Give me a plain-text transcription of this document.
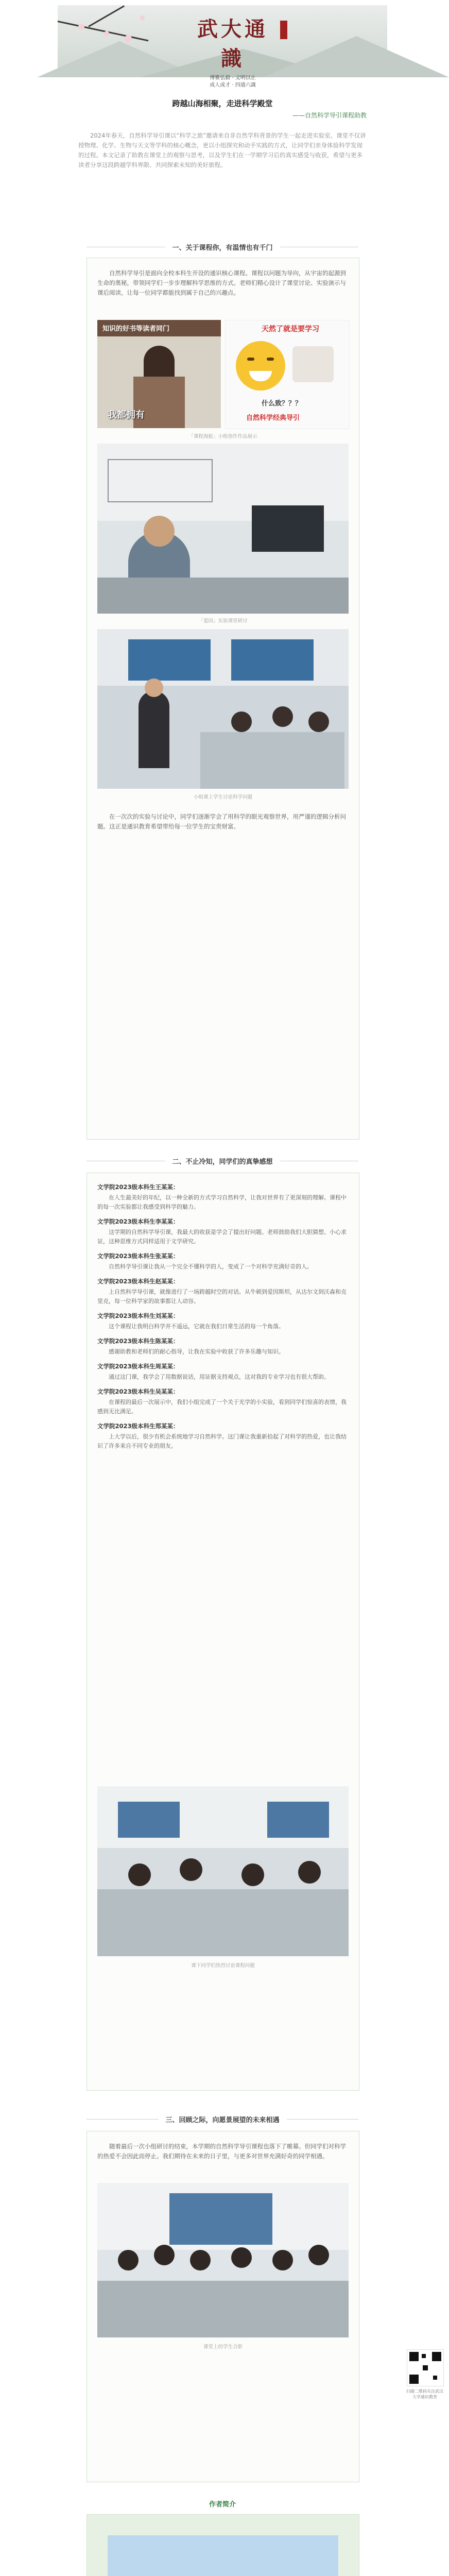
武大通識
博雅弘毅 · 文明以止
成人成才 · 四通六識
跨越山海相聚，走进科学殿堂
——自然科学导引课程助教

2024年春天，自然科学导引课以“科学之旅”邀请来自非自然学科背景的学生一起走进实验室。课堂不仅讲授物理、化学、生物与天文等学科的核心概念，更以小组探究和动手实践的方式，让同学们亲身体验科学发现的过程。本文记录了助教在课堂上的观察与思考，以及学生们在一学期学习后的真实感受与收获，希望与更多读者分享这段跨越学科界限、共同探索未知的美好旅程。

一、关于课程你，有温情也有千门

自然科学导引是面向全校本科生开设的通识核心课程。课程以问题为导向，从宇宙的起源到生命的奥秘，带领同学们一步步理解科学思维的方式。老师们精心设计了课堂讨论、实验演示与课后阅读，让每一位同学都能找到属于自己的兴趣点。

知识的好书等读者同门
我都拥有
天然了就是要学习
什么致？？？
自然科学经典导引
「课程海报」小组创作作品展示
「爱因」实验课堂研讨
小组课上学生讨论科学问题

在一次次的实验与讨论中，同学们逐渐学会了用科学的眼光观察世界，用严谨的逻辑分析问题。这正是通识教育希望带给每一位学生的宝贵财富。

二、不止冷知，同学们的真挚感想

文学院2023级本科生王某某：

在人生最美好的年纪，以一种全新的方式学习自然科学，让我对世界有了更深刻的理解。课程中的每一次实验都让我感受到科学的魅力。

文学院2023级本科生李某某：

这学期的自然科学导引课，我最大的收获是学会了提出好问题。老师鼓励我们大胆猜想、小心求证，这种思维方式同样适用于文学研究。

文学院2023级本科生张某某：

自然科学导引课让我从一个完全不懂科学的人，变成了一个对科学充满好奇的人。

文学院2023级本科生赵某某：

上自然科学导引课，就像进行了一场跨越时空的对话。从牛顿到爱因斯坦，从达尔文到沃森和克里克，每一位科学家的故事都让人动容。

文学院2023级本科生刘某某：

这个课程让我明白科学并不遥远，它就在我们日常生活的每一个角落。

文学院2023级本科生陈某某：

感谢助教和老师们的耐心指导，让我在实验中收获了许多乐趣与知识。

文学院2023级本科生周某某：

通过这门课，我学会了用数据说话，用证据支持观点，这对我的专业学习也有很大帮助。

文学院2023级本科生吴某某：

在课程的最后一次展示中，我们小组完成了一个关于光学的小实验，看到同学们惊喜的表情，我感到无比满足。

文学院2023级本科生郑某某：

上大学以后，很少有机会系统地学习自然科学。这门课让我重新拾起了对科学的热爱，也让我结识了许多来自不同专业的朋友。

课下同学们热烈讨论课程问题
三、回顾之际，向愿景展望的未来相遇

随着最后一次小组研讨的结束，本学期的自然科学导引课程也落下了帷幕。但同学们对科学的热爱不会因此而停止。我们期待在未来的日子里，与更多对世界充满好奇的同学相遇。

课堂上的学生合影
作者简介
扫描二维码关注武汉大学通识教育
